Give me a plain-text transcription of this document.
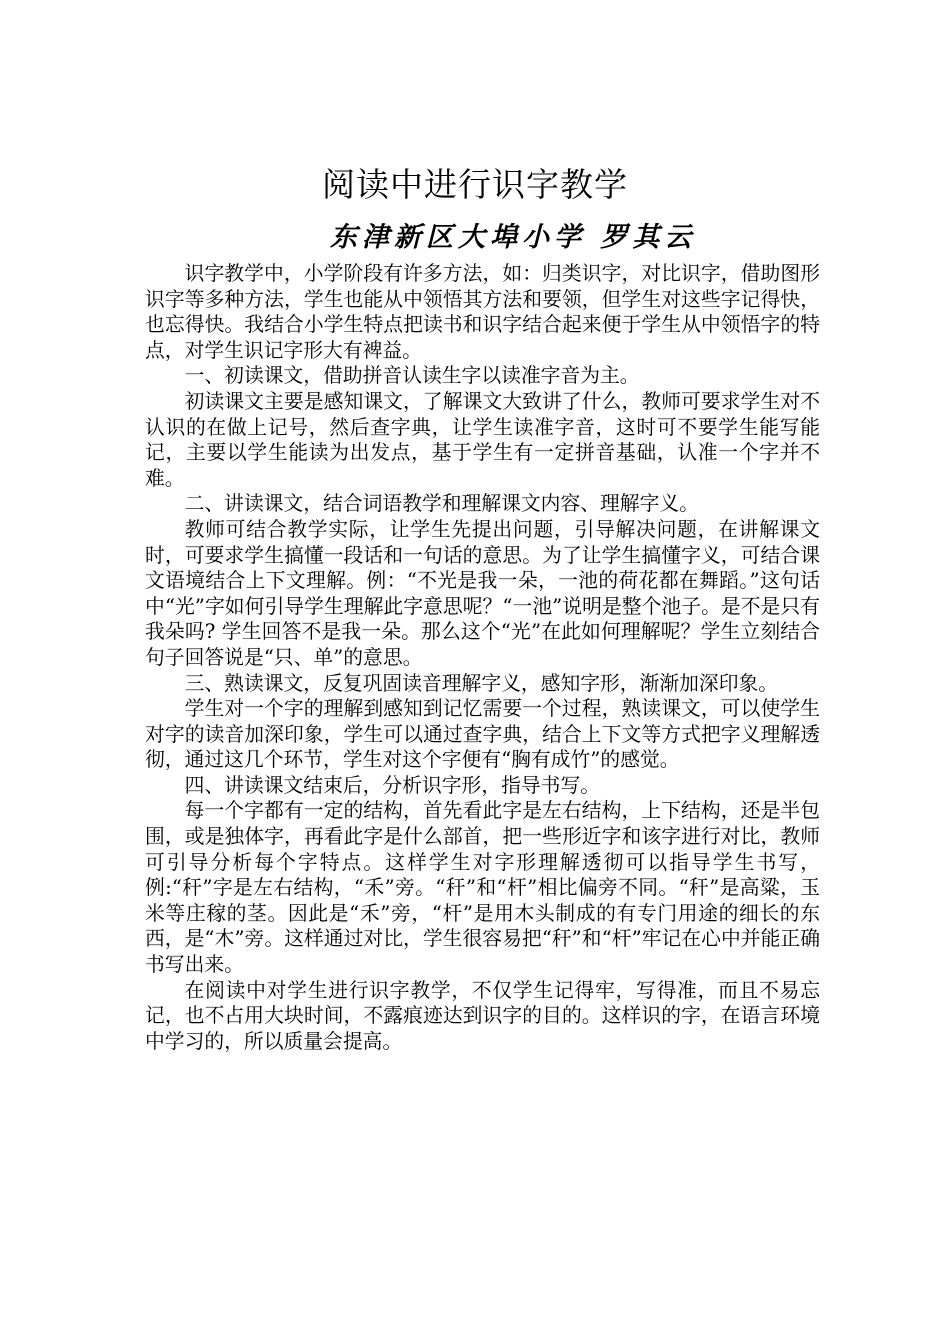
阅读中进行识字教学
东津新区大埠小学 罗其云

识字教学中，小学阶段有许多方法，如：归类识字，对比识字，借助图形识字等多种方法，学生也能从中领悟其方法和要领，但学生对这些字记得快，也忘得快。我结合小学生特点把读书和识字结合起来便于学生从中领悟字的特点，对学生识记字形大有裨益。

一、初读课文，借助拼音认读生字以读准字音为主。

初读课文主要是感知课文，了解课文大致讲了什么，教师可要求学生对不认识的在做上记号，然后查字典，让学生读准字音，这时可不要学生能写能记，主要以学生能读为出发点，基于学生有一定拼音基础，认准一个字并不难。

二、讲读课文，结合词语教学和理解课文内容、理解字义。

教师可结合教学实际，让学生先提出问题，引导解决问题，在讲解课文时，可要求学生搞懂一段话和一句话的意思。为了让学生搞懂字义，可结合课文语境结合上下文理解。例：“不光是我一朵，一池的荷花都在舞蹈。”这句话中“光”字如何引导学生理解此字意思呢？“一池”说明是整个池子。是不是只有我朵吗? 学生回答不是我一朵。那么这个“光”在此如何理解呢？学生立刻结合句子回答说是“只、单”的意思。

三、熟读课文，反复巩固读音理解字义，感知字形，渐渐加深印象。

学生对一个字的理解到感知到记忆需要一个过程，熟读课文，可以使学生对字的读音加深印象，学生可以通过查字典，结合上下文等方式把字义理解透彻，通过这几个环节，学生对这个字便有“胸有成竹”的感觉。

四、讲读课文结束后，分析识字形，指导书写。

每一个字都有一定的结构，首先看此字是左右结构，上下结构，还是半包围，或是独体字，再看此字是什么部首，把一些形近字和该字进行对比，教师可引导分析每个字特点。这样学生对字形理解透彻可以指导学生书写，例:“秆”字是左右结构，“禾”旁。“秆”和“杆”相比偏旁不同。“秆”是高粱，玉米等庄稼的茎。因此是“禾”旁，“杆”是用木头制成的有专门用途的细长的东西，是“木”旁。这样通过对比，学生很容易把“秆”和“杆”牢记在心中并能正确书写出来。

在阅读中对学生进行识字教学，不仅学生记得牢，写得准，而且不易忘记，也不占用大块时间，不露痕迹达到识字的目的。这样识的字，在语言环境中学习的，所以质量会提高。
